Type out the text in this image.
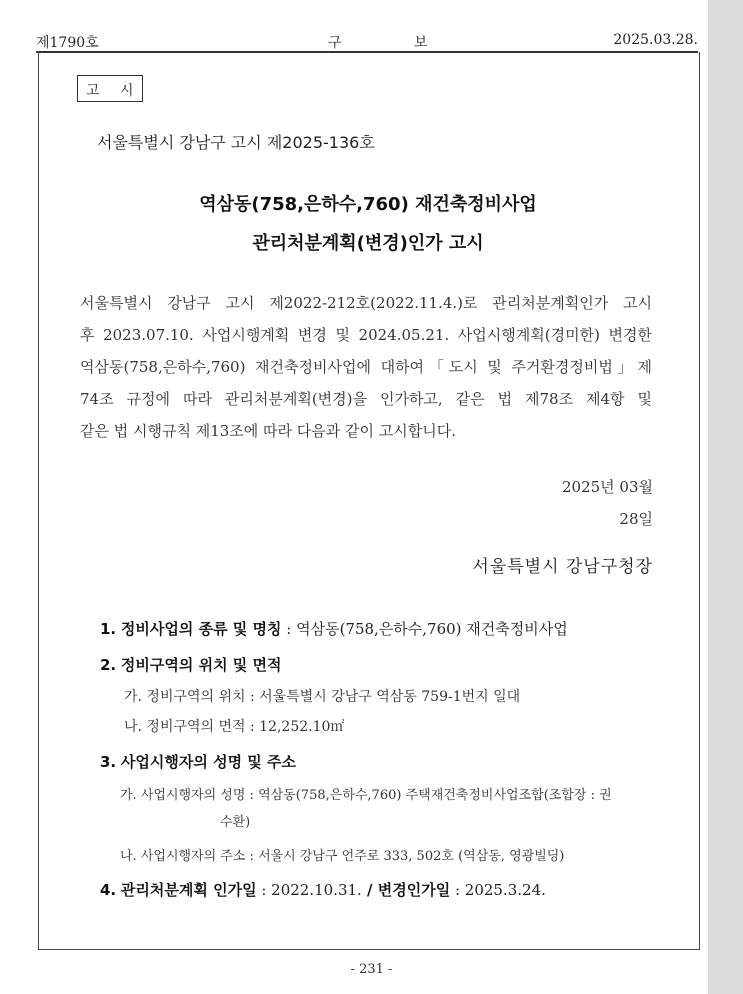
제1790호	구 보	2025.03.28.
고 시
서울특별시 강남구 고시 제2025-136호
역삼동(758,은하수,760) 재건축정비사업
관리처분계획(변경)인가 고시
서울특별시 강남구 고시 제2022-212호(2022.11.4.)로 관리처분계획인가 고시
후 2023.07.10. 사업시행계획 변경 및 2024.05.21. 사업시행계획(경미한) 변경한
역삼동(758,은하수,760) 재건축정비사업에 대하여「도시 및 주거환경정비법」제
74조 규정에 따라 관리처분계획(변경)을 인가하고, 같은 법 제78조 제4항 및
같은 법 시행규칙 제13조에 따라 다음과 같이 고시합니다.
2025년 03월
28일
서울특별시 강남구청장
1. 정비사업의 종류 및 명칭 : 역삼동(758,은하수,760) 재건축정비사업
2. 정비구역의 위치 및 면적
가. 정비구역의 위치 : 서울특별시 강남구 역삼동 759-1번지 일대
나. 정비구역의 면적 : 12,252.10㎡
3. 사업시행자의 성명 및 주소
가. 사업시행자의 성명 : 역삼동(758,은하수,760) 주택재건축정비사업조합(조합장 : 권
수환)
나. 사업시행자의 주소 : 서울시 강남구 언주로 333, 502호 (역삼동, 영광빌딩)
4. 관리처분계획 인가일 : 2022.10.31. / 변경인가일 : 2025.3.24.
- 231 -
